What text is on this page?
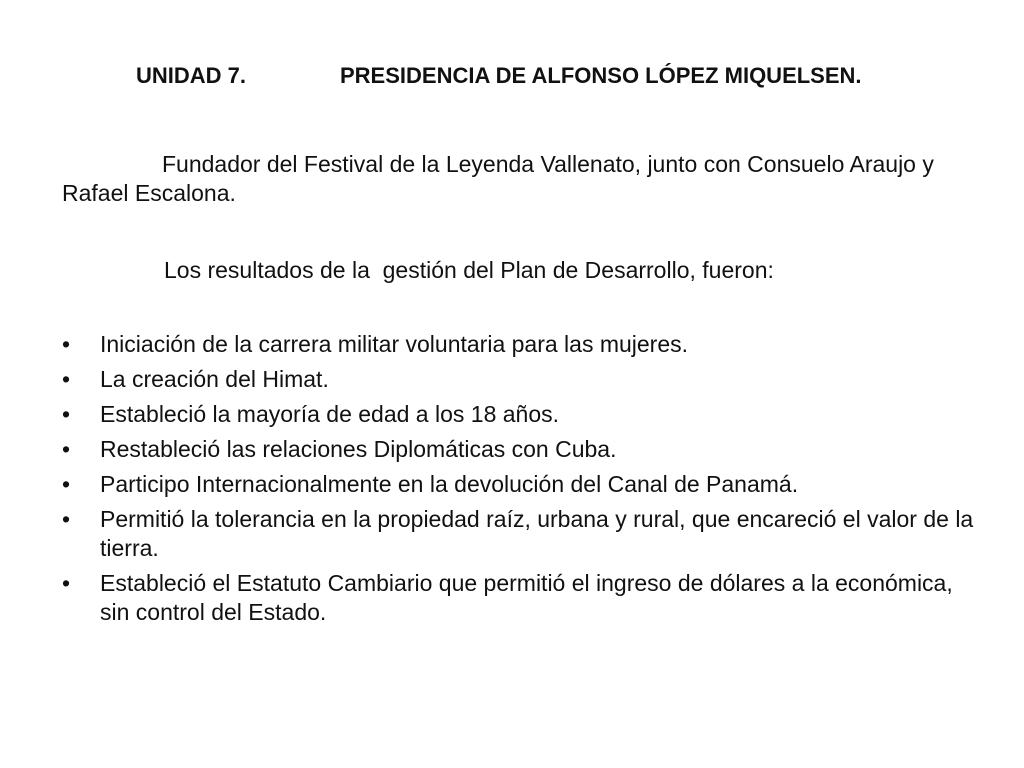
UNIDAD 7.	PRESIDENCIA DE ALFONSO LÓPEZ MIQUELSEN.
Fundador del Festival de la Leyenda Vallenato, junto con Consuelo Araujo y Rafael Escalona.
Los resultados de la  gestión del Plan de Desarrollo, fueron:
• Iniciación de la carrera militar voluntaria para las mujeres.
• La creación del Himat.
• Estableció la mayoría de edad a los 18 años.
• Restableció las relaciones Diplomáticas con Cuba.
• Participo Internacionalmente en la devolución del Canal de Panamá.
• Permitió la tolerancia en la propiedad raíz, urbana y rural, que encareció el valor de la tierra.
• Estableció el Estatuto Cambiario que permitió el ingreso de dólares a la económica, sin control del Estado.
